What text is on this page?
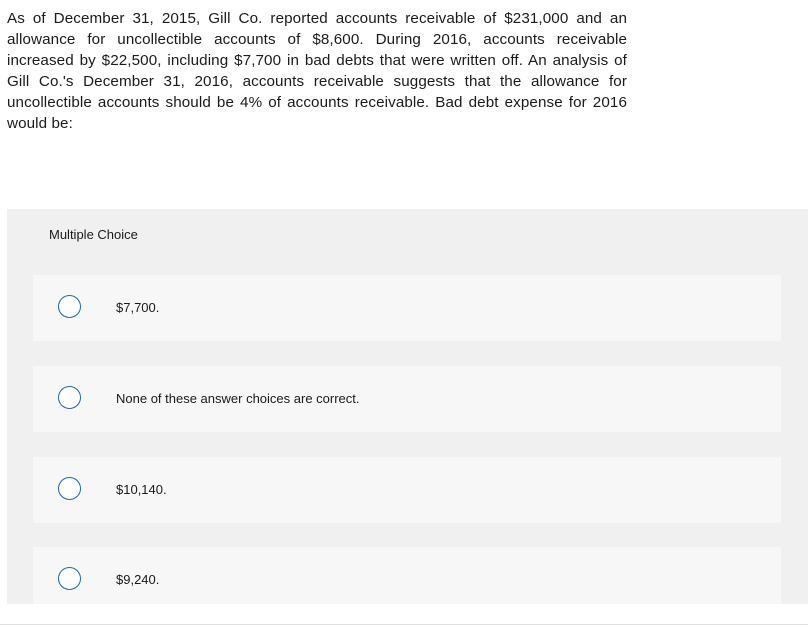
As of December 31, 2015, Gill Co. reported accounts receivable of $231,000 and an allowance for uncollectible accounts of $8,600. During 2016, accounts receivable increased by $22,500, including $7,700 in bad debts that were written off. An analysis of Gill Co.'s December 31, 2016, accounts receivable suggests that the allowance for uncollectible accounts should be 4% of accounts receivable. Bad debt expense for 2016 would be:
Multiple Choice
$7,700.
None of these answer choices are correct.
$10,140.
$9,240.
